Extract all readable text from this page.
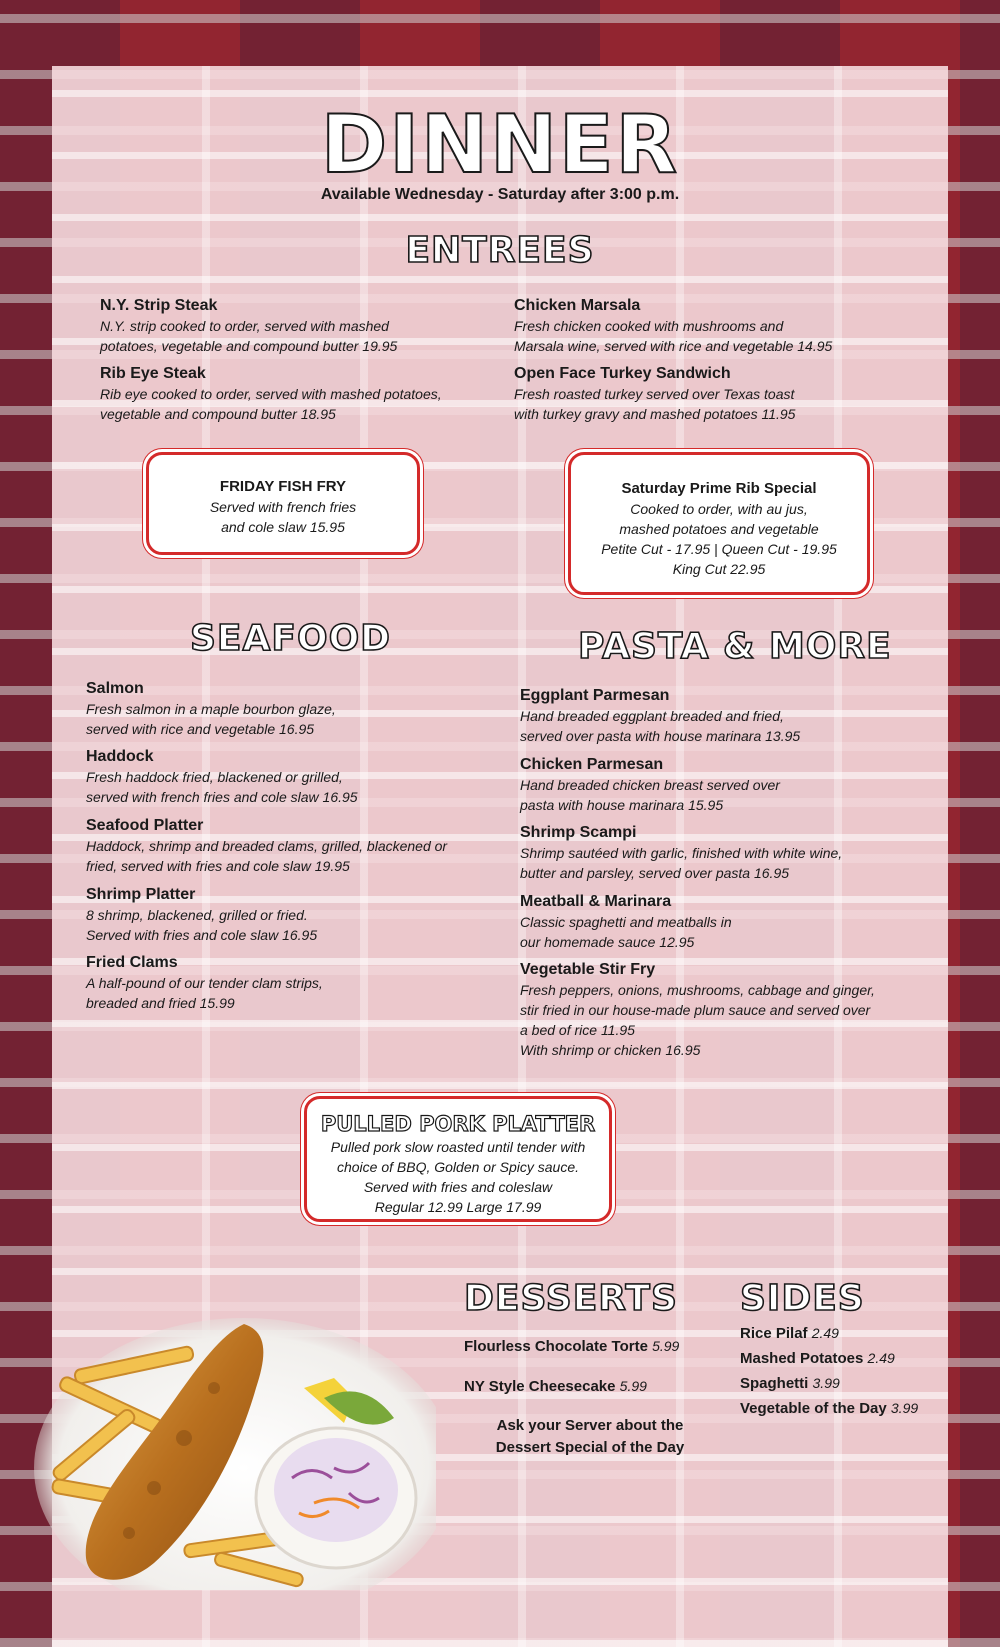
DINNER
Available Wednesday - Saturday after 3:00 p.m.
ENTREES
N.Y. Strip Steak
N.Y. strip cooked to order, served with mashed
potatoes, vegetable and compound butter 19.95
Rib Eye Steak
Rib eye cooked to order, served with mashed potatoes,
vegetable and compound butter 18.95
Chicken Marsala
Fresh chicken cooked with mushrooms and
Marsala wine, served with rice and vegetable 14.95
Open Face Turkey Sandwich
Fresh roasted turkey served over Texas toast
with turkey gravy and mashed potatoes 11.95
FRIDAY FISH FRY
Served with french fries
and cole slaw 15.95
Saturday Prime Rib Special
Cooked to order, with au jus,
mashed potatoes and vegetable
Petite Cut - 17.95 | Queen Cut - 19.95
King Cut 22.95
SEAFOOD
Salmon
Fresh salmon in a maple bourbon glaze,
served with rice and vegetable 16.95
Haddock
Fresh haddock fried, blackened or grilled,
served with french fries and cole slaw 16.95
Seafood Platter
Haddock, shrimp and breaded clams, grilled, blackened or
fried, served with fries and cole slaw 19.95
Shrimp Platter
8 shrimp, blackened, grilled or fried.
Served with fries and cole slaw 16.95
Fried Clams
A half-pound of our tender clam strips,
breaded and fried 15.99
PASTA & MORE
Eggplant Parmesan
Hand breaded eggplant breaded and fried,
served over pasta with house marinara 13.95
Chicken Parmesan
Hand breaded chicken breast served over
pasta with house marinara 15.95
Shrimp Scampi
Shrimp sautéed with garlic, finished with white wine,
butter and parsley, served over pasta 16.95
Meatball & Marinara
Classic spaghetti and meatballs in
our homemade sauce 12.95
Vegetable Stir Fry
Fresh peppers, onions, mushrooms, cabbage and ginger,
stir fried in our house-made plum sauce and served over
a bed of rice 11.95
With shrimp or chicken 16.95
PULLED PORK PLATTER
Pulled pork slow roasted until tender with
choice of BBQ, Golden or Spicy sauce.
Served with fries and coleslaw
Regular 12.99 Large 17.99
DESSERTS
Flourless Chocolate Torte 5.99
NY Style Cheesecake 5.99
Ask your Server about the
Dessert Special of the Day
SIDES
Rice Pilaf 2.49
Mashed Potatoes 2.49
Spaghetti 3.99
Vegetable of the Day 3.99
